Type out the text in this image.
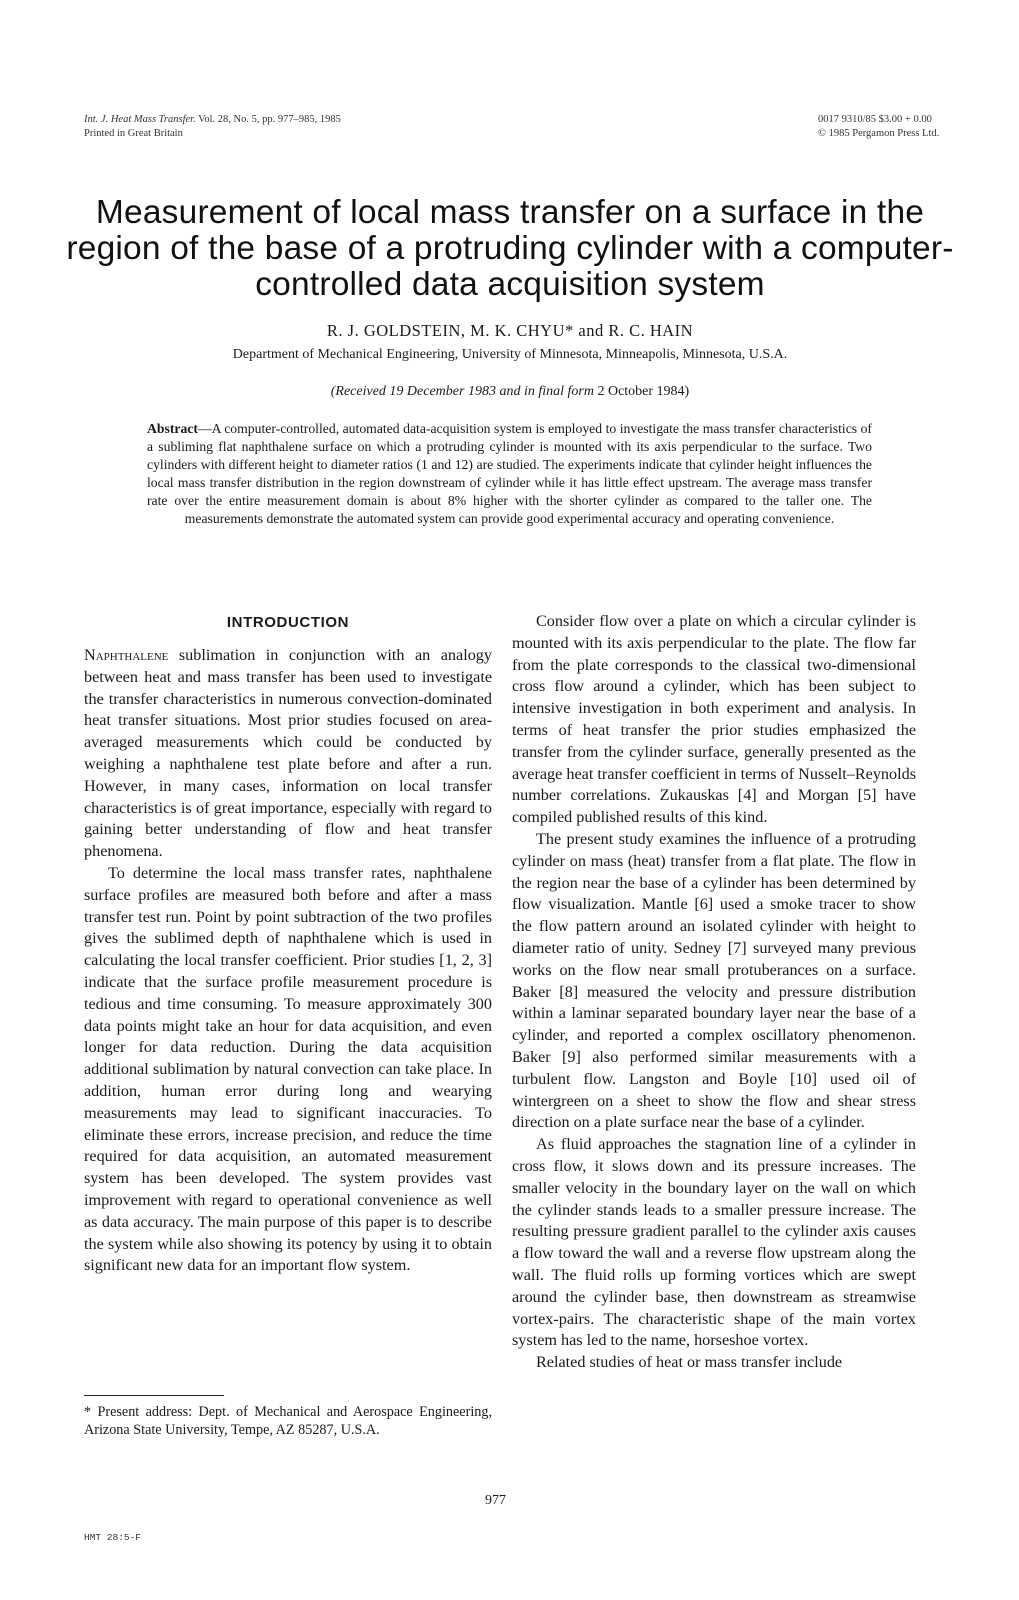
Int. J. Heat Mass Transfer. Vol. 28, No. 5, pp. 977–985, 1985
Printed in Great Britain
0017 9310/85 $3.00 + 0.00
© 1985 Pergamon Press Ltd.
Measurement of local mass transfer on a surface in the region of the base of a protruding cylinder with a computer-controlled data acquisition system
R. J. GOLDSTEIN, M. K. CHYU* and R. C. HAIN
Department of Mechanical Engineering, University of Minnesota, Minneapolis, Minnesota, U.S.A.
(Received 19 December 1983 and in final form 2 October 1984)
Abstract—A computer-controlled, automated data-acquisition system is employed to investigate the mass transfer characteristics of a subliming flat naphthalene surface on which a protruding cylinder is mounted with its axis perpendicular to the surface. Two cylinders with different height to diameter ratios (1 and 12) are studied. The experiments indicate that cylinder height influences the local mass transfer distribution in the region downstream of cylinder while it has little effect upstream. The average mass transfer rate over the entire measurement domain is about 8% higher with the shorter cylinder as compared to the taller one. The measurements demonstrate the automated system can provide good experimental accuracy and operating convenience.
INTRODUCTION

Naphthalene sublimation in conjunction with an analogy between heat and mass transfer has been used to investigate the transfer characteristics in numerous convection-dominated heat transfer situations. Most prior studies focused on area-averaged measurements which could be conducted by weighing a naphthalene test plate before and after a run. However, in many cases, information on local transfer characteristics is of great importance, especially with regard to gaining better understanding of flow and heat transfer phenomena.

To determine the local mass transfer rates, naphthalene surface profiles are measured both before and after a mass transfer test run. Point by point subtraction of the two profiles gives the sublimed depth of naphthalene which is used in calculating the local transfer coefficient. Prior studies [1, 2, 3] indicate that the surface profile measurement procedure is tedious and time consuming. To measure approximately 300 data points might take an hour for data acquisition, and even longer for data reduction. During the data acquisition additional sublimation by natural convection can take place. In addition, human error during long and wearying measurements may lead to significant inaccuracies. To eliminate these errors, increase precision, and reduce the time required for data acquisition, an automated measurement system has been developed. The system provides vast improvement with regard to operational convenience as well as data accuracy. The main purpose of this paper is to describe the system while also showing its potency by using it to obtain significant new data for an important flow system.

Consider flow over a plate on which a circular cylinder is mounted with its axis perpendicular to the plate. The flow far from the plate corresponds to the classical two-dimensional cross flow around a cylinder, which has been subject to intensive investigation in both experiment and analysis. In terms of heat transfer the prior studies emphasized the transfer from the cylinder surface, generally presented as the average heat transfer coefficient in terms of Nusselt–Reynolds number correlations. Zukauskas [4] and Morgan [5] have compiled published results of this kind.

The present study examines the influence of a protruding cylinder on mass (heat) transfer from a flat plate. The flow in the region near the base of a cylinder has been determined by flow visualization. Mantle [6] used a smoke tracer to show the flow pattern around an isolated cylinder with height to diameter ratio of unity. Sedney [7] surveyed many previous works on the flow near small protuberances on a surface. Baker [8] measured the velocity and pressure distribution within a laminar separated boundary layer near the base of a cylinder, and reported a complex oscillatory phenomenon. Baker [9] also performed similar measurements with a turbulent flow. Langston and Boyle [10] used oil of wintergreen on a sheet to show the flow and shear stress direction on a plate surface near the base of a cylinder.

As fluid approaches the stagnation line of a cylinder in cross flow, it slows down and its pressure increases. The smaller velocity in the boundary layer on the wall on which the cylinder stands leads to a smaller pressure increase. The resulting pressure gradient parallel to the cylinder axis causes a flow toward the wall and a reverse flow upstream along the wall. The fluid rolls up forming vortices which are swept around the cylinder base, then downstream as streamwise vortex-pairs. The characteristic shape of the main vortex system has led to the name, horseshoe vortex.

Related studies of heat or mass transfer include

* Present address: Dept. of Mechanical and Aerospace Engineering, Arizona State University, Tempe, AZ 85287, U.S.A.
977
HMT 28:5-F
